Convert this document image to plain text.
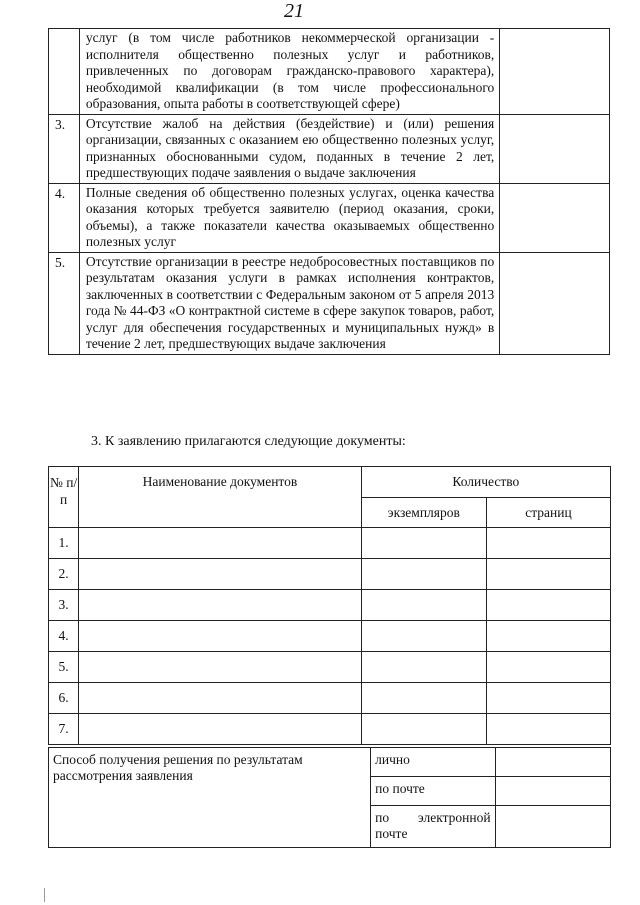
21
	услуг (в том числе работников некоммерческой организации - исполнителя общественно полезных услуг и работников, привлеченных по договорам гражданско-правового характера), необходимой квалификации (в том числе профессионального образования, опыта работы в соответствующей сфере)	
3.	Отсутствие жалоб на действия (бездействие) и (или) решения организации, связанных с оказанием ею общественно полезных услуг, признанных обоснованными судом, поданных в течение 2 лет, предшествующих подаче заявления о выдаче заключения	
4.	Полные сведения об общественно полезных услугах, оценка качества оказания которых требуется заявителю (период оказания, сроки, объемы), а также показатели качества оказываемых общественно полезных услуг	
5.	Отсутствие организации в реестре недобросовестных поставщиков по результатам оказания услуги в рамках исполнения контрактов, заключенных в соответствии с Федеральным законом от 5 апреля 2013 года № 44-ФЗ «О контрактной системе в сфере закупок товаров, работ, услуг для обеспечения государственных и муниципальных нужд» в течение 2 лет, предшествующих выдаче заключения	
3. К заявлению прилагаются следующие документы:
№ п/п	Наименование документов	Количество	
		экземпляров	страниц
1.			
2.			
3.			
4.			
5.			
6.			
7.			
Способ получения решения по результатам рассмотрения заявления	лично	
	по почте	
	по электронной
почте	
